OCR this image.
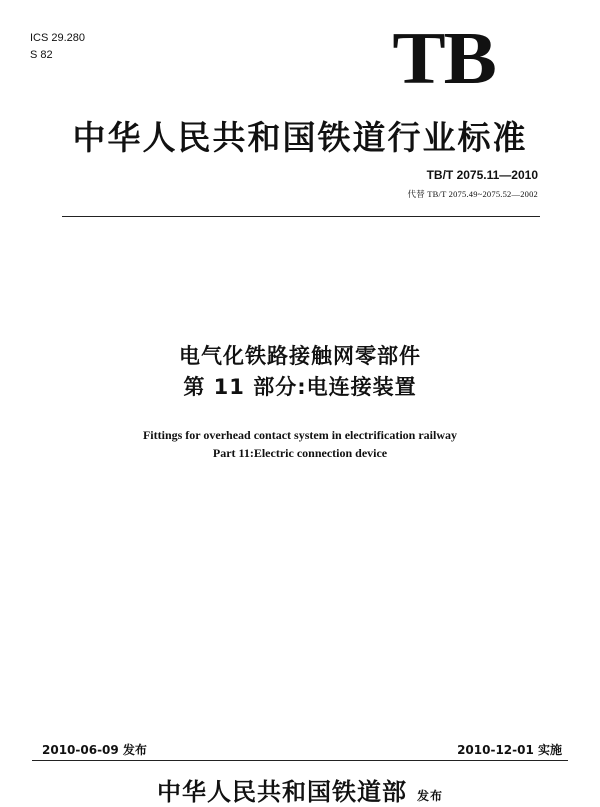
ICS 29.280
S 82	TB
中华人民共和国铁道行业标准
TB/T 2075.11—2010
代替 TB/T 2075.49~2075.52—2002
电气化铁路接触网零部件
第 11 部分:电连接装置
Fittings for overhead contact system in electrification railway
Part 11:Electric connection device
2010-06-09 发布	2010-12-01 实施
中华人民共和国铁道部 发布
